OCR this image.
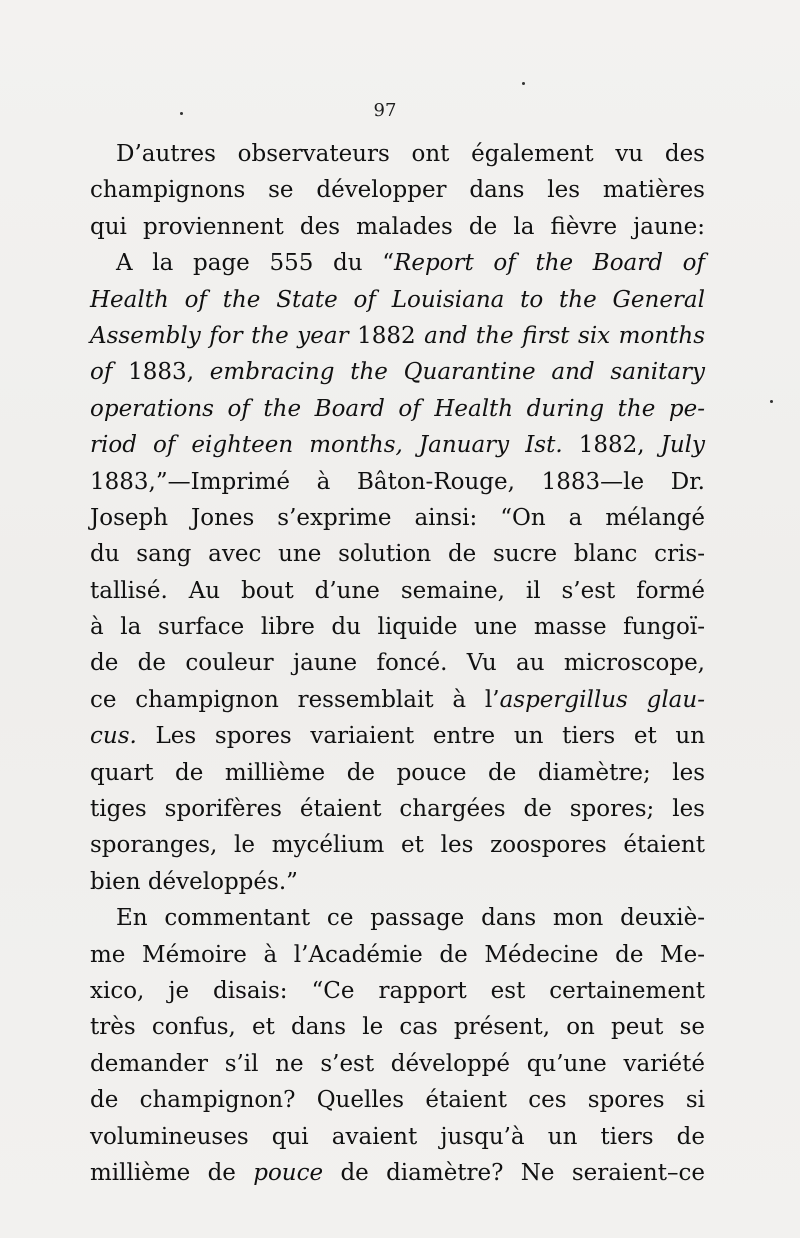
97
D’autres observateurs ont également vu des
champignons se développer dans les matières
qui proviennent des malades de la fièvre jaune:
A la page 555 du “Report of the Board of
Health of the State of Louisiana to the General
Assembly for the year 1882 and the first six months
of 1883, embracing the Quarantine and sanitary
operations of the Board of Health during the pe-
riod of eighteen months, January Ist. 1882, July
1883,”—Imprimé à Bâton-Rouge, 1883—le Dr.
Joseph Jones s’exprime ainsi: “On a mélangé
du sang avec une solution de sucre blanc cris-
tallisé. Au bout d’une semaine, il s’est formé
à la surface libre du liquide une masse fungoï-
de de couleur jaune foncé. Vu au microscope,
ce champignon ressemblait à l’aspergillus glau-
cus. Les spores variaient entre un tiers et un
quart de millième de pouce de diamètre; les
tiges sporifères étaient chargées de spores; les
sporanges, le mycélium et les zoospores étaient
bien développés.”
En commentant ce passage dans mon deuxiè-
me Mémoire à l’Académie de Médecine de Me-
xico, je disais: “Ce rapport est certainement
très confus, et dans le cas présent, on peut se
demander s’il ne s’est développé qu’une variété
de champignon? Quelles étaient ces spores si
volumineuses qui avaient jusqu’à un tiers de
millième de pouce de diamètre? Ne seraient–ce
